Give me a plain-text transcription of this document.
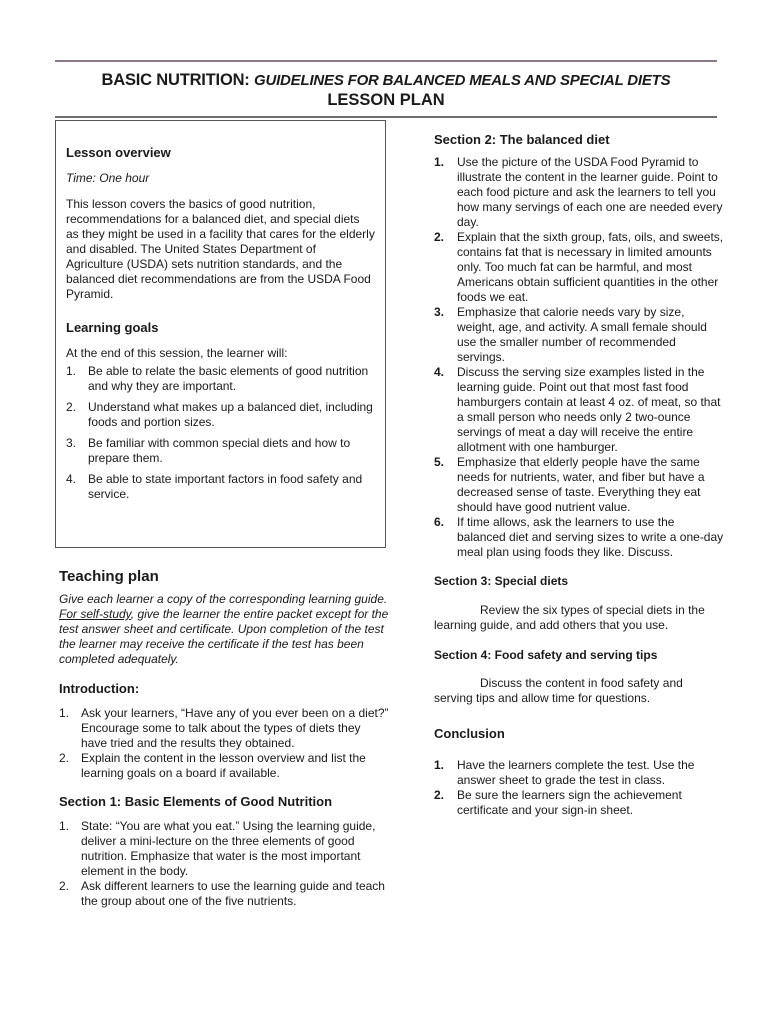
BASIC NUTRITION: GUIDELINES FOR BALANCED MEALS AND SPECIAL DIETS
LESSON PLAN
Lesson overview
Time: One hour
This lesson covers the basics of good nutrition, recommendations for a balanced diet, and special diets as they might be used in a facility that cares for the elderly and disabled. The United States Department of Agriculture (USDA) sets nutrition standards, and the balanced diet recommendations are from the USDA Food Pyramid.
Learning goals
At the end of this session, the learner will:
1. Be able to relate the basic elements of good nutrition and why they are important.
2. Understand what makes up a balanced diet, including foods and portion sizes.
3. Be familiar with common special diets and how to prepare them.
4. Be able to state important factors in food safety and service.
Teaching plan
Give each learner a copy of the corresponding learning guide.
For self-study, give the learner the entire packet except for the test answer sheet and certificate. Upon completion of the test the learner may receive the certificate if the test has been completed adequately.
Introduction:
1. Ask your learners, “Have any of you ever been on a diet?” Encourage some to talk about the types of diets they have tried and the results they obtained.
2. Explain the content in the lesson overview and list the learning goals on a board if available.
Section 1: Basic Elements of Good Nutrition
1. State: “You are what you eat.” Using the learning guide, deliver a mini-lecture on the three elements of good nutrition. Emphasize that water is the most important element in the body.
2. Ask different learners to use the learning guide and teach the group about one of the five nutrients.
Section 2: The balanced diet
1.	Use the picture of the USDA Food Pyramid to illustrate the content in the learner guide. Point to each food picture and ask the learners to tell you how many servings of each one are needed every day.
2.	Explain that the sixth group, fats, oils, and sweets, contains fat that is necessary in limited amounts only. Too much fat can be harmful, and most Americans obtain sufficient quantities in the other foods we eat.
3.	Emphasize that calorie needs vary by size, weight, age, and activity. A small female should use the smaller number of recommended servings.
4.	Discuss the serving size examples listed in the learning guide. Point out that most fast food hamburgers contain at least 4 oz. of meat, so that a small person who needs only 2 two-ounce servings of meat a day will receive the entire allotment with one hamburger.
5.	Emphasize that elderly people have the same needs for nutrients, water, and fiber but have a decreased sense of taste. Everything they eat should have good nutrient value.
6.	If time allows, ask the learners to use the balanced diet and serving sizes to write a one-day meal plan using foods they like. Discuss.
Section 3: Special diets
Review the six types of special diets in the learning guide, and add others that you use.
Section 4: Food safety and serving tips
Discuss the content in food safety and serving tips and allow time for questions.
Conclusion
1.	Have the learners complete the test. Use the answer sheet to grade the test in class.
2.	Be sure the learners sign the achievement certificate and your sign-in sheet.
